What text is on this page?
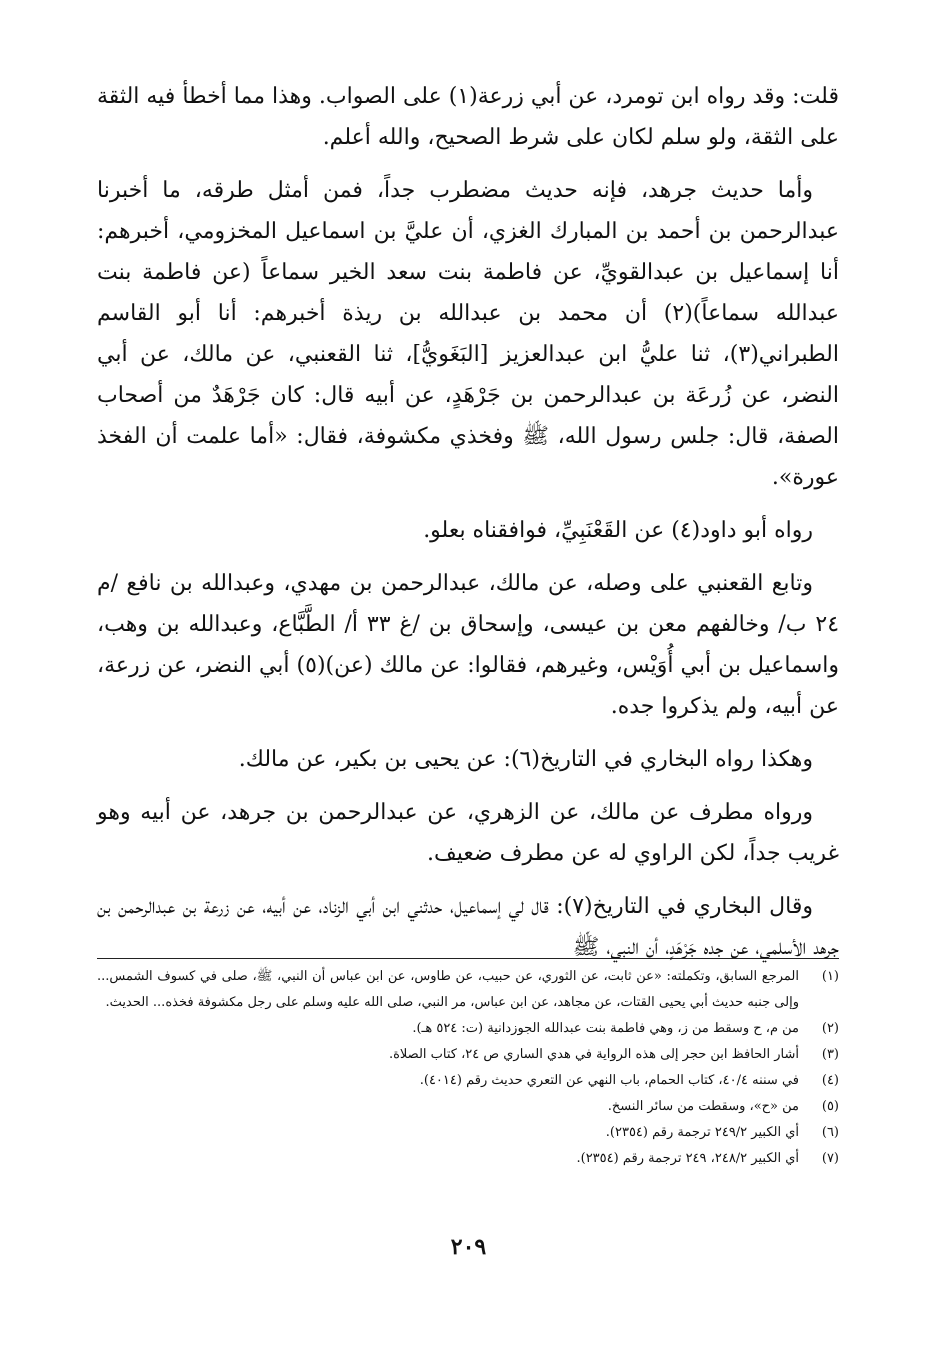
قلت: وقد رواه ابن تومرد، عن أبي زرعة(١) على الصواب. وهذا مما أخطأ فيه الثقة على الثقة، ولو سلم لكان على شرط الصحيح، والله أعلم.

وأما حديث جرهد، فإنه حديث مضطرب جداً، فمن أمثل طرقه، ما أخبرنا عبدالرحمن بن أحمد بن المبارك الغزي، أن عليَّ بن اسماعيل المخزومي، أخبرهم: أنا إسماعيل بن عبدالقويِّ، عن فاطمة بنت سعد الخير سماعاً (عن فاطمة بنت عبدالله سماعاً)(٢) أن محمد بن عبدالله بن ريذة أخبرهم: أنا أبو القاسم الطبراني(٣)، ثنا عليُّ ابن عبدالعزيز [البَغَويُّ]، ثنا القعنبي، عن مالك، عن أبي النضر، عن زُرعَة بن عبدالرحمن بن جَرْهَدٍ، عن أبيه قال: كان جَرْهَدٌ من أصحاب الصفة، قال: جلس رسول الله، ﷺ وفخذي مكشوفة، فقال: «أما علمت أن الفخذ عورة».

رواه أبو داود(٤) عن القَعْنَبِيِّ، فوافقناه بعلو.

وتابع القعنبي على وصله، عن مالك، عبدالرحمن بن مهدي، وعبدالله بن نافع /م ٢٤ ب/ وخالفهم معن بن عيسى، وإسحاق بن /غ ٣٣ أ/ الطَّبَّاع، وعبدالله بن وهب، واسماعيل بن أبي أُوَيْس، وغيرهم، فقالوا: عن مالك (عن)(٥) أبي النضر، عن زرعة، عن أبيه، ولم يذكروا جده.

وهكذا رواه البخاري في التاريخ(٦): عن يحيى بن بكير، عن مالك.

ورواه مطرف عن مالك، عن الزهري، عن عبدالرحمن بن جرهد، عن أبيه وهو غريب جداً، لكن الراوي له عن مطرف ضعيف.

وقال البخاري في التاريخ(٧): قال لي إسماعيل، حدثني ابن أبي الزناد، عن أبيه، عن زرعة بن عبدالرحمن بن جرهد الأسلمي، عن جده جَرْهَدٍ، أن النبي، ﷺ

(١)
المرجع السابق، وتكملته: «عن ثابت، عن الثوري، عن حبيب، عن طاوس، عن ابن عباس أن النبي، ﷺ، صلى في كسوف الشمس... وإلى جنبه حديث أبي يحيى القتات، عن مجاهد، عن ابن عباس، مر النبي، صلى الله عليه وسلم على رجل مكشوفة فخذه... الحديث.
(٢)
من م، ح وسقط من ز، وهي فاطمة بنت عبدالله الجوزدانية (ت: ٥٢٤ هـ).
(٣)
أشار الحافظ ابن حجر إلى هذه الرواية في هدي الساري ص ٢٤، كتاب الصلاة.
(٤)
في سننه ٤٠/٤، كتاب الحمام، باب النهي عن التعري حديث رقم (٤٠١٤).
(٥)
من «ح»، وسقطت من سائر النسخ.
(٦)
أي الكبير ٢٤٩/٢ ترجمة رقم (٢٣٥٤).
(٧)
أي الكبير ٢٤٨/٢، ٢٤٩ ترجمة رقم (٢٣٥٤).
٢٠٩
